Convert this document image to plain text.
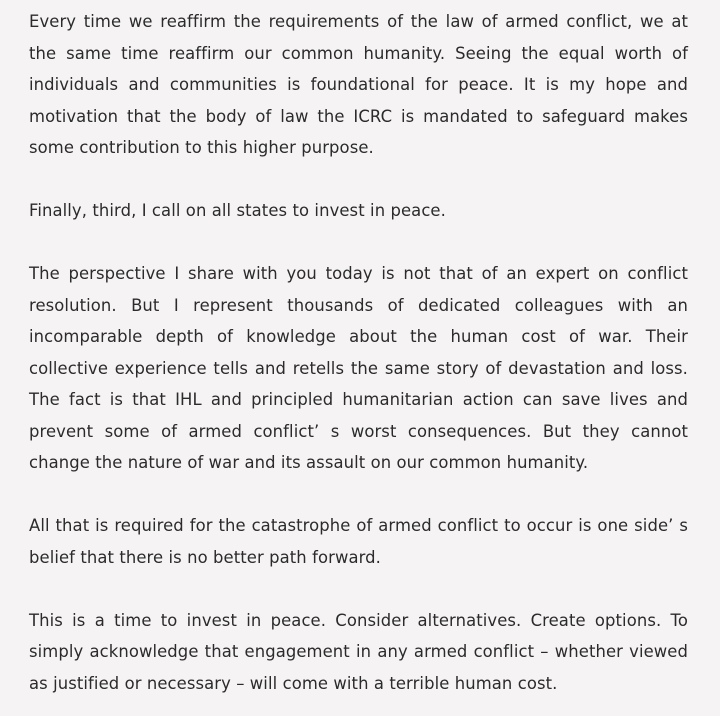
Every time we reaffirm the requirements of the law of armed conflict, we at the same time reaffirm our common humanity. Seeing the equal worth of individuals and communities is foundational for peace. It is my hope and motivation that the body of law the ICRC is mandated to safeguard makes some contribution to this higher purpose.

Finally, third, I call on all states to invest in peace.

The perspective I share with you today is not that of an expert on conflict resolution. But I represent thousands of dedicated colleagues with an incomparable depth of knowledge about the human cost of war. Their collective experience tells and retells the same story of devastation and loss. The fact is that IHL and principled humanitarian action can save lives and prevent some of armed conflict’ s worst consequences. But they cannot change the nature of war and its assault on our common humanity.

All that is required for the catastrophe of armed conflict to occur is one side’ s belief that there is no better path forward.

This is a time to invest in peace. Consider alternatives. Create options. To simply acknowledge that engagement in any armed conflict – whether viewed as justified or necessary – will come with a terrible human cost.
